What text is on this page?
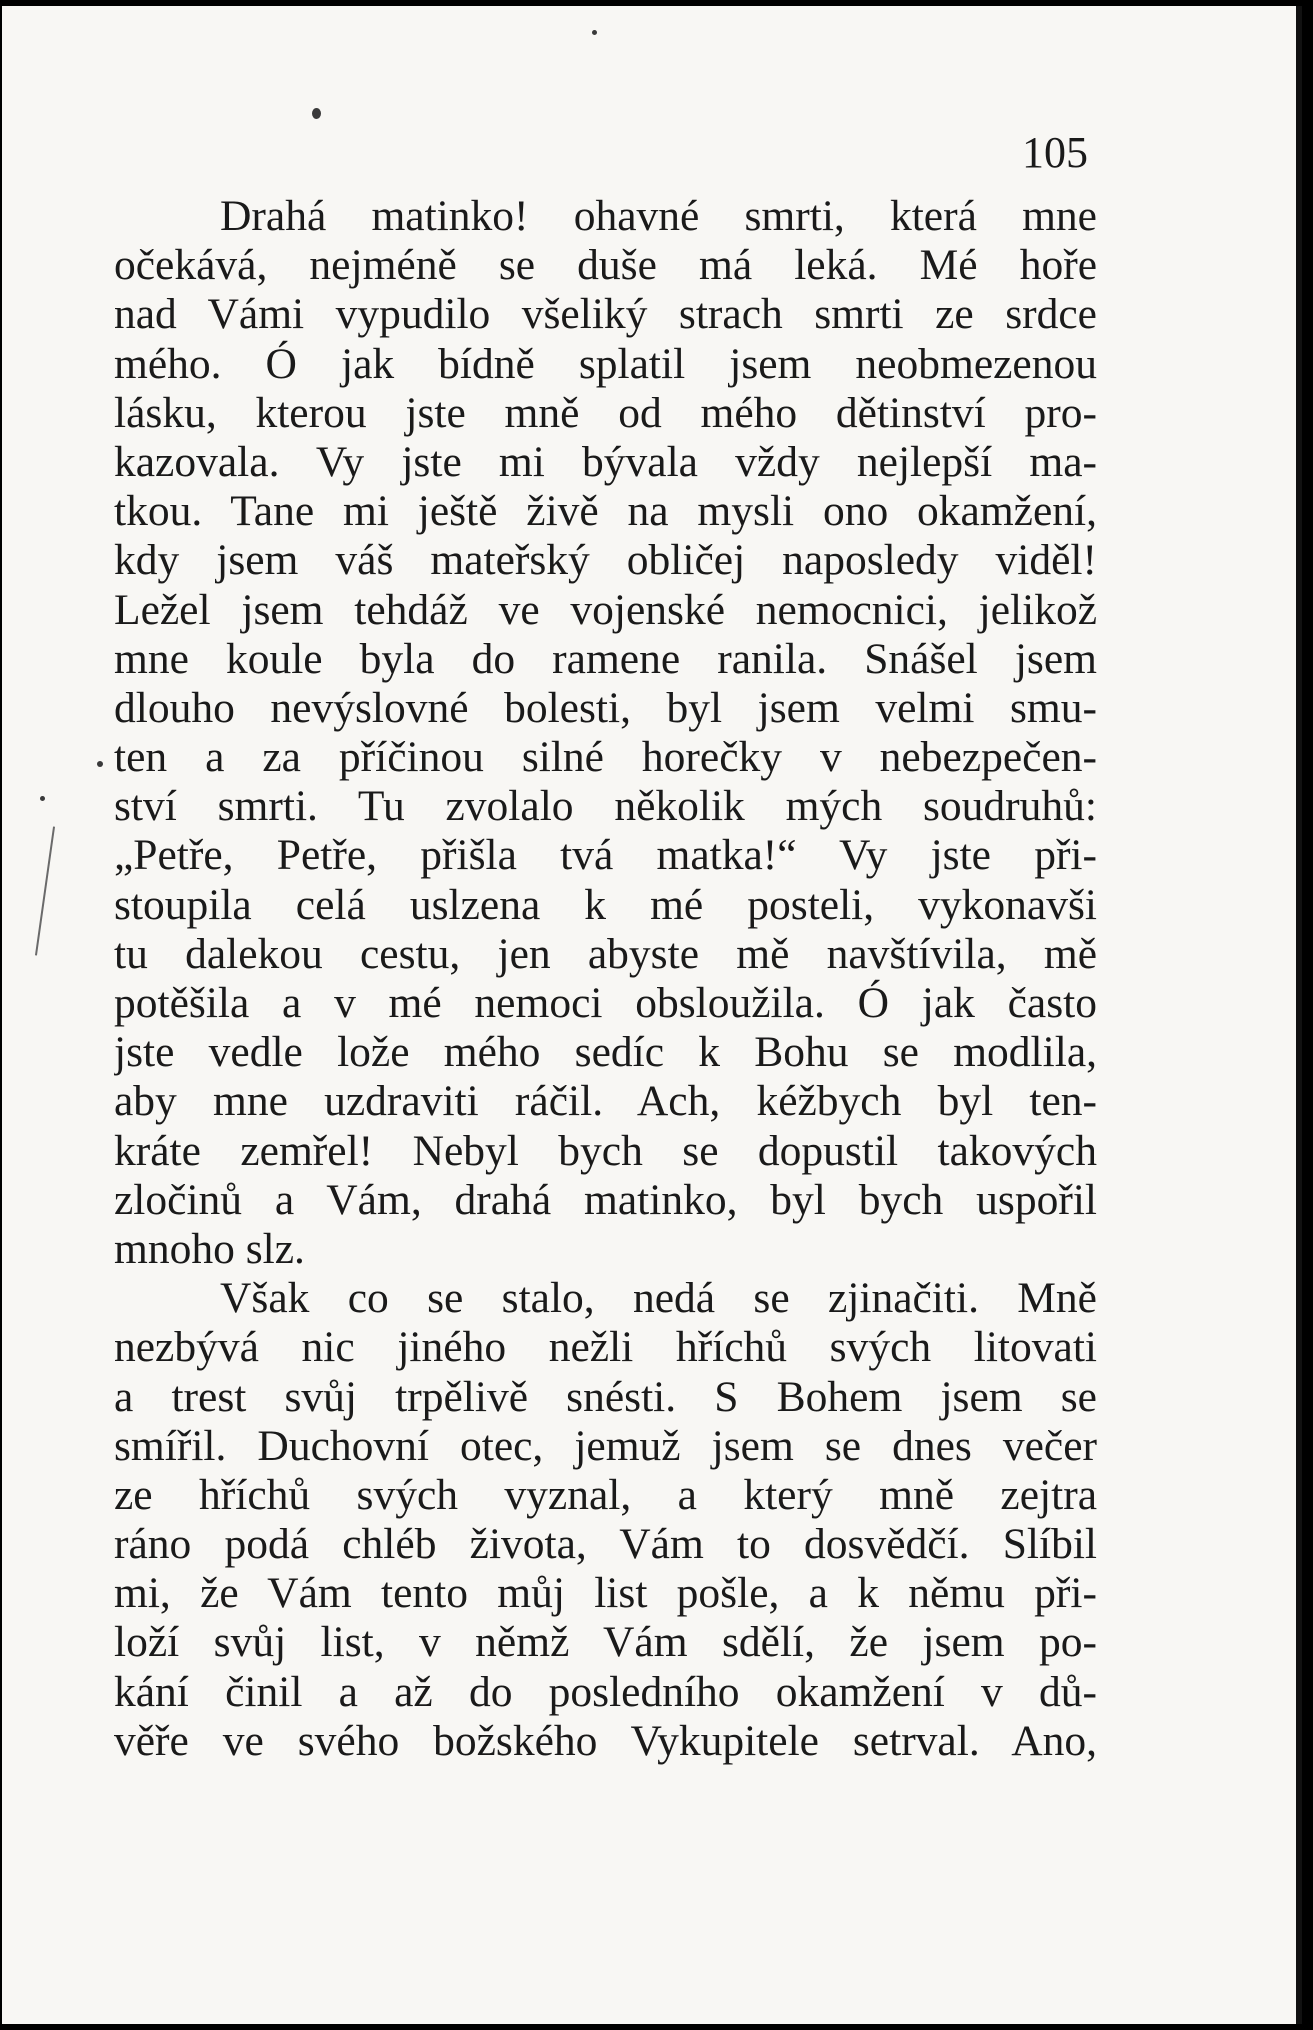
105
Drahá matinko! ohavné smrti, která mne
očekává, nejméně se duše má leká. Mé hoře
nad Vámi vypudilo všeliký strach smrti ze srdce
mého. Ó jak bídně splatil jsem neobmezenou
lásku, kterou jste mně od mého dětinství pro-
kazovala. Vy jste mi bývala vždy nejlepší ma-
tkou. Tane mi ještě živě na mysli ono okamžení,
kdy jsem váš mateřský obličej naposledy viděl!
Ležel jsem tehdáž ve vojenské nemocnici, jelikož
mne koule byla do ramene ranila. Snášel jsem
dlouho nevýslovné bolesti, byl jsem velmi smu-
ten a za příčinou silné horečky v nebezpečen-
ství smrti. Tu zvolalo několik mých soudruhů:
„Petře, Petře, přišla tvá matka!“ Vy jste při-
stoupila celá uslzena k mé posteli, vykonavši
tu dalekou cestu, jen abyste mě navštívila, mě
potěšila a v mé nemoci obsloužila. Ó jak často
jste vedle lože mého sedíc k Bohu se modlila,
aby mne uzdraviti ráčil. Ach, kéžbych byl ten-
kráte zemřel! Nebyl bych se dopustil takových
zločinů a Vám, drahá matinko, byl bych uspořil
mnoho slz.
Však co se stalo, nedá se zjinačiti. Mně
nezbývá nic jiného nežli hříchů svých litovati
a trest svůj trpělivě snésti. S Bohem jsem se
smířil. Duchovní otec, jemuž jsem se dnes večer
ze hříchů svých vyznal, a který mně zejtra
ráno podá chléb života, Vám to dosvědčí. Slíbil
mi, že Vám tento můj list pošle, a k němu při-
loží svůj list, v němž Vám sdělí, že jsem po-
kání činil a až do posledního okamžení v dů-
věře ve svého božského Vykupitele setrval. Ano,
